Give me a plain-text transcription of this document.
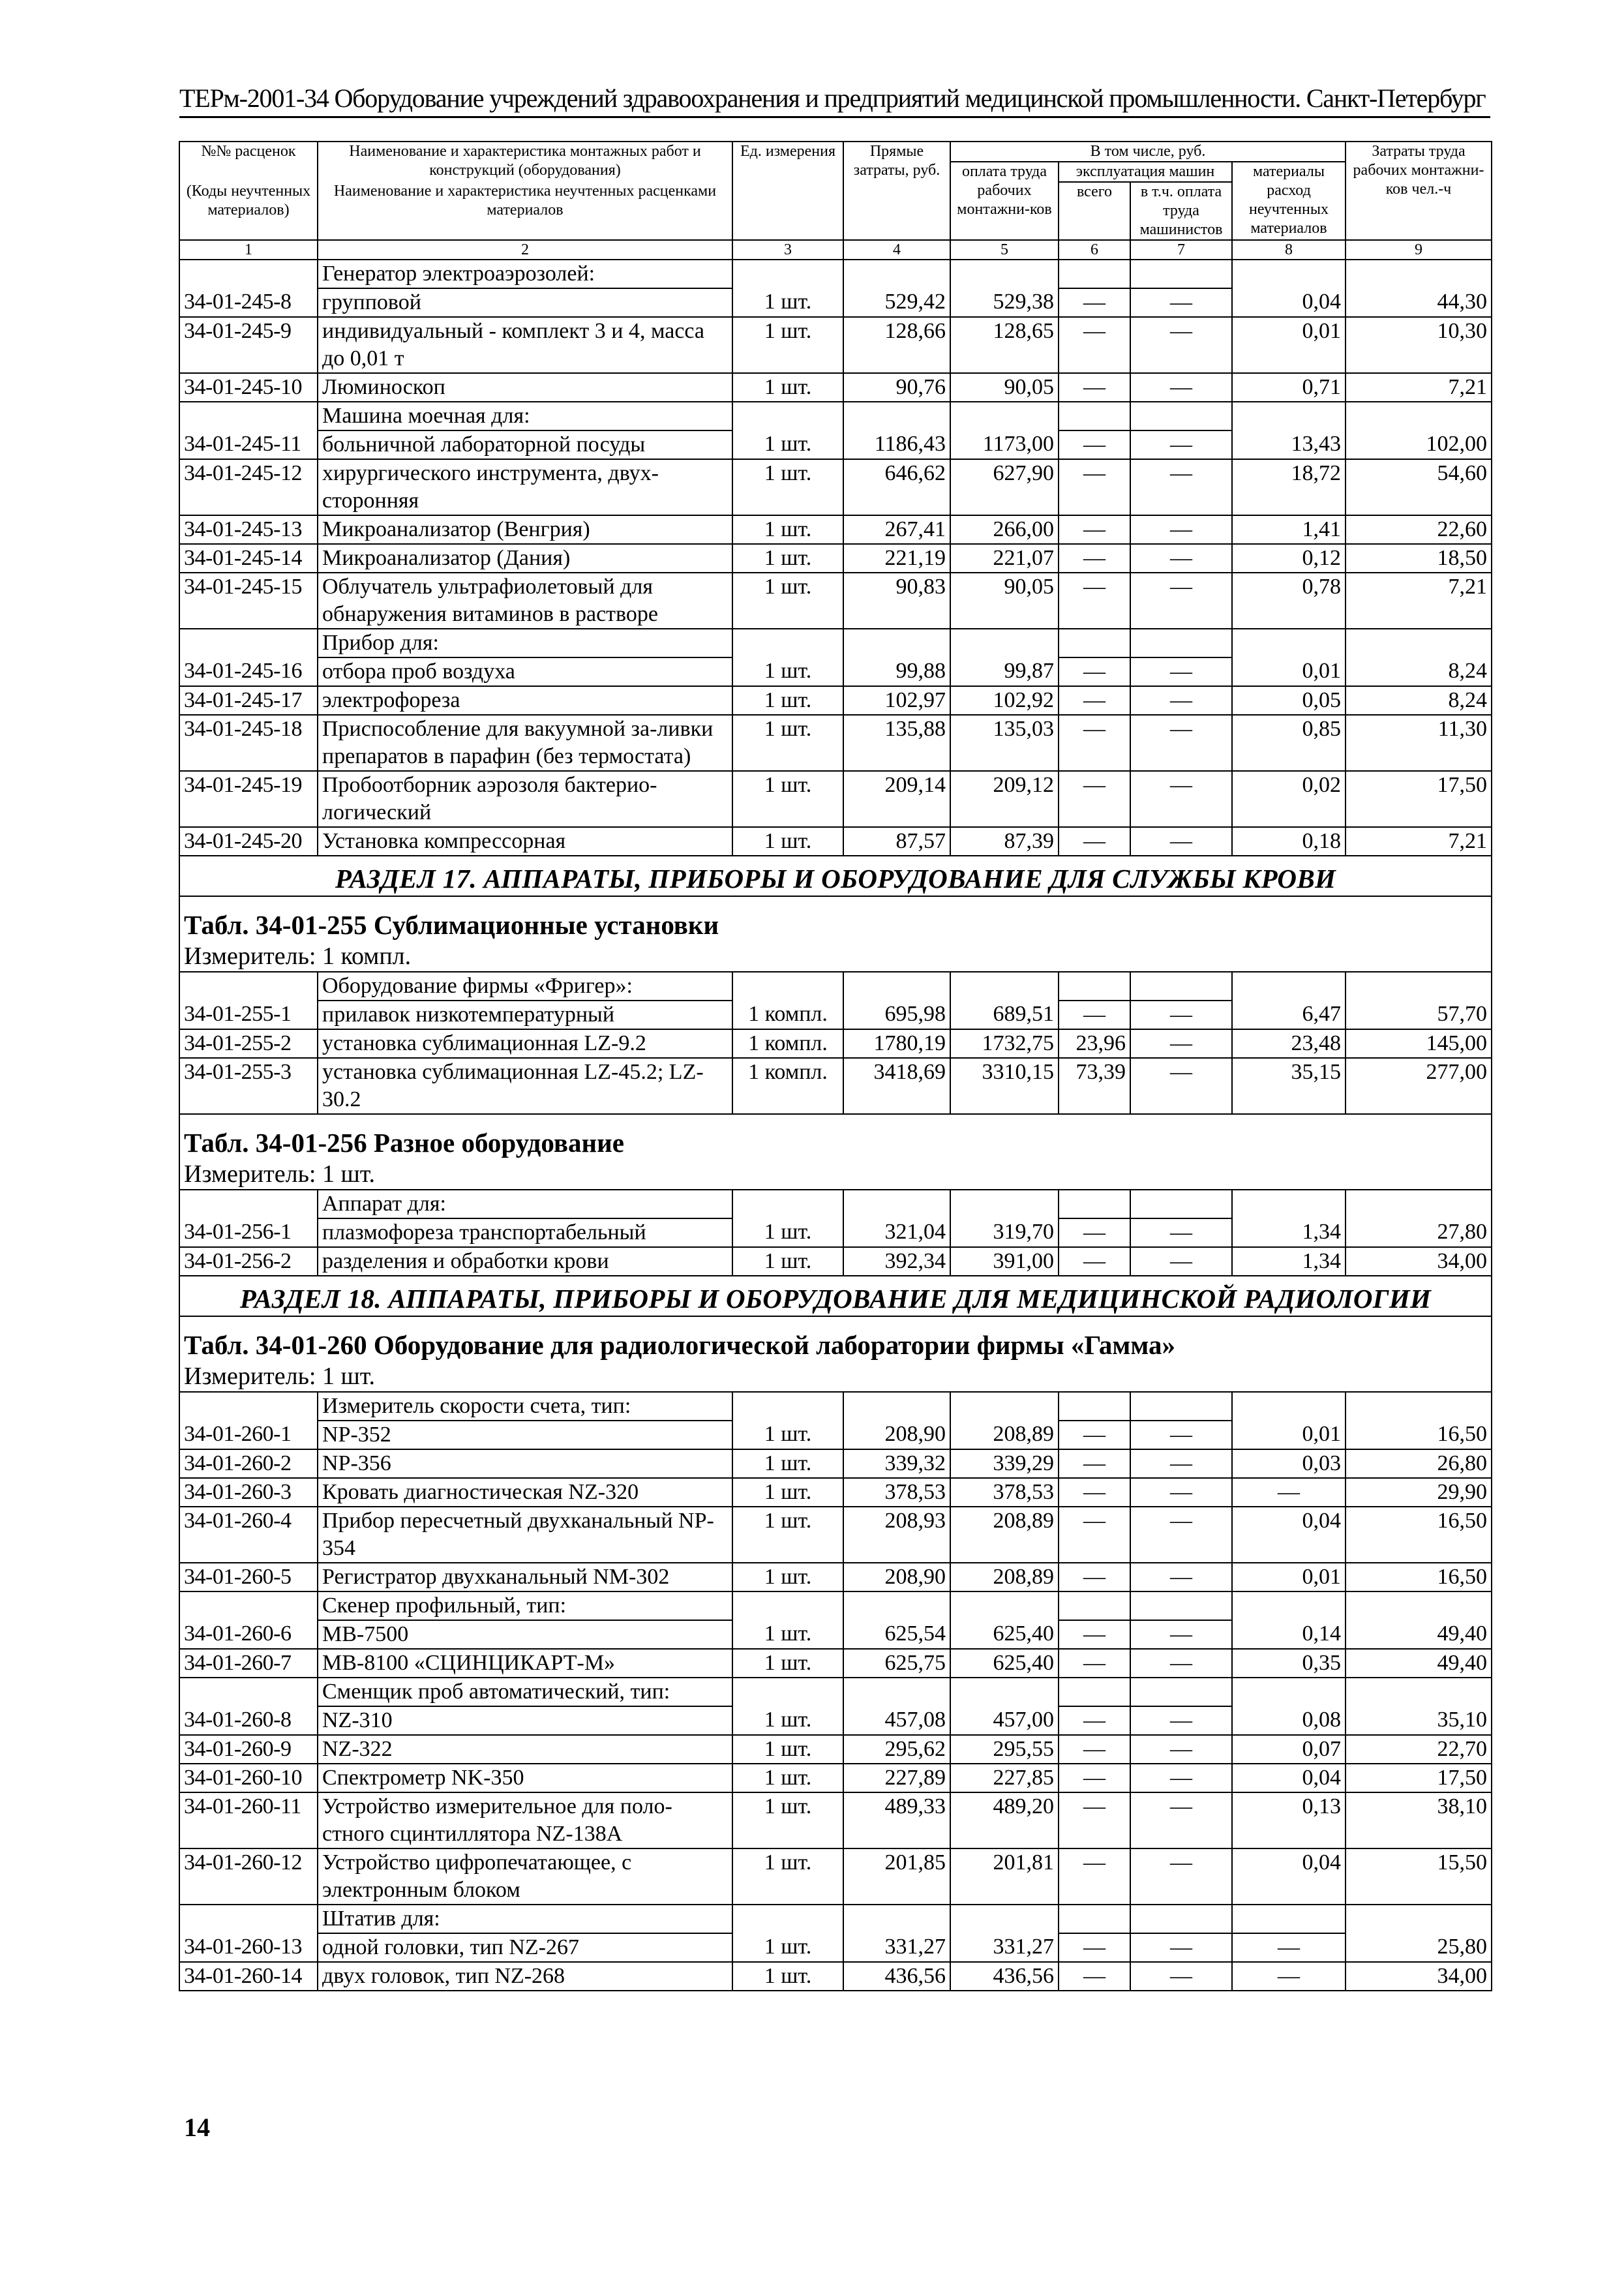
ТЕРм-2001-34 Оборудование учреждений здравоохранения и предприятий медицинской промышленности. Санкт-Петербург
№№ расценок	Наименование и характеристика монтажных работ и конструкций (оборудования)	Ед. измерения	Прямые затраты, руб.	В том числе, руб.				Затраты труда рабочих монтажни-ков чел.-ч
				оплата труда рабочих монтажни-ков	эксплуатация машин		материалы расход неучтенных материалов	
(Коды неучтенных материалов)	Наименование и характеристика неучтенных расценками материалов				всего	в т.ч. оплата труда машинистов		

1	2	3	4	5	6	7	8	9
	Генератор электроаэрозолей:							
34-01-245-8	групповой	1 шт.	529,42	529,38	—	—	0,04	44,30
34-01-245-9	индивидуальный - комплект 3 и 4, масса до 0,01 т	1 шт.	128,66	128,65	—	—	0,01	10,30
34-01-245-10	Люминоскоп	1 шт.	90,76	90,05	—	—	0,71	7,21
	Машина моечная для:							
34-01-245-11	больничной лабораторной посуды	1 шт.	1186,43	1173,00	—	—	13,43	102,00
34-01-245-12	хирургического инструмента, двух-сторонняя	1 шт.	646,62	627,90	—	—	18,72	54,60
34-01-245-13	Микроанализатор (Венгрия)	1 шт.	267,41	266,00	—	—	1,41	22,60
34-01-245-14	Микроанализатор (Дания)	1 шт.	221,19	221,07	—	—	0,12	18,50
34-01-245-15	Облучатель ультрафиолетовый для обнаружения витаминов в растворе	1 шт.	90,83	90,05	—	—	0,78	7,21
	Прибор для:							
34-01-245-16	отбора проб воздуха	1 шт.	99,88	99,87	—	—	0,01	8,24
34-01-245-17	электрофореза	1 шт.	102,97	102,92	—	—	0,05	8,24
34-01-245-18	Приспособление для вакуумной за-ливки препаратов в парафин (без термостата)	1 шт.	135,88	135,03	—	—	0,85	11,30
34-01-245-19	Пробоотборник аэрозоля бактерио-логический	1 шт.	209,14	209,12	—	—	0,02	17,50
34-01-245-20	Установка компрессорная	1 шт.	87,57	87,39	—	—	0,18	7,21

РАЗДЕЛ 17. АППАРАТЫ, ПРИБОРЫ И ОБОРУДОВАНИЕ ДЛЯ СЛУЖБЫ КРОВИ								

Табл. 34-01-255 Сублимационные установки
Измеритель: 1 компл.								

	Оборудование фирмы «Фригер»:							
34-01-255-1	прилавок низкотемпературный	1 компл.	695,98	689,51	—	—	6,47	57,70
34-01-255-2	установка сублимационная LZ-9.2	1 компл.	1780,19	1732,75	23,96	—	23,48	145,00
34-01-255-3	установка сублимационная LZ-45.2; LZ-30.2	1 компл.	3418,69	3310,15	73,39	—	35,15	277,00

Табл. 34-01-256 Разное оборудование
Измеритель: 1 шт.								

	Аппарат для:							
34-01-256-1	плазмофореза транспортабельный	1 шт.	321,04	319,70	—	—	1,34	27,80
34-01-256-2	разделения и обработки крови	1 шт.	392,34	391,00	—	—	1,34	34,00

РАЗДЕЛ 18. АППАРАТЫ, ПРИБОРЫ И ОБОРУДОВАНИЕ ДЛЯ МЕДИЦИНСКОЙ РАДИОЛОГИИ								

Табл. 34-01-260 Оборудование для радиологической лаборатории фирмы «Гамма»
Измеритель: 1 шт.								

	Измеритель скорости счета, тип:							
34-01-260-1	NP-352	1 шт.	208,90	208,89	—	—	0,01	16,50
34-01-260-2	NP-356	1 шт.	339,32	339,29	—	—	0,03	26,80
34-01-260-3	Кровать диагностическая NZ-320	1 шт.	378,53	378,53	—	—	—	29,90
34-01-260-4	Прибор пересчетный двухканальный NP-354	1 шт.	208,93	208,89	—	—	0,04	16,50
34-01-260-5	Регистратор двухканальный NM-302	1 шт.	208,90	208,89	—	—	0,01	16,50
	Скенер профильный, тип:							
34-01-260-6	MB-7500	1 шт.	625,54	625,40	—	—	0,14	49,40
34-01-260-7	MB-8100 «СЦИНЦИКАРТ-М»	1 шт.	625,75	625,40	—	—	0,35	49,40
	Сменщик проб автоматический, тип:							
34-01-260-8	NZ-310	1 шт.	457,08	457,00	—	—	0,08	35,10
34-01-260-9	NZ-322	1 шт.	295,62	295,55	—	—	0,07	22,70
34-01-260-10	Спектрометр NK-350	1 шт.	227,89	227,85	—	—	0,04	17,50
34-01-260-11	Устройство измерительное для поло-стного сцинтиллятора NZ-138A	1 шт.	489,33	489,20	—	—	0,13	38,10
34-01-260-12	Устройство цифропечатающее, с электронным блоком	1 шт.	201,85	201,81	—	—	0,04	15,50
	Штатив для:							
34-01-260-13	одной головки, тип NZ-267	1 шт.	331,27	331,27	—	—	—	25,80
34-01-260-14	двух головок, тип NZ-268	1 шт.	436,56	436,56	—	—	—	34,00
14
